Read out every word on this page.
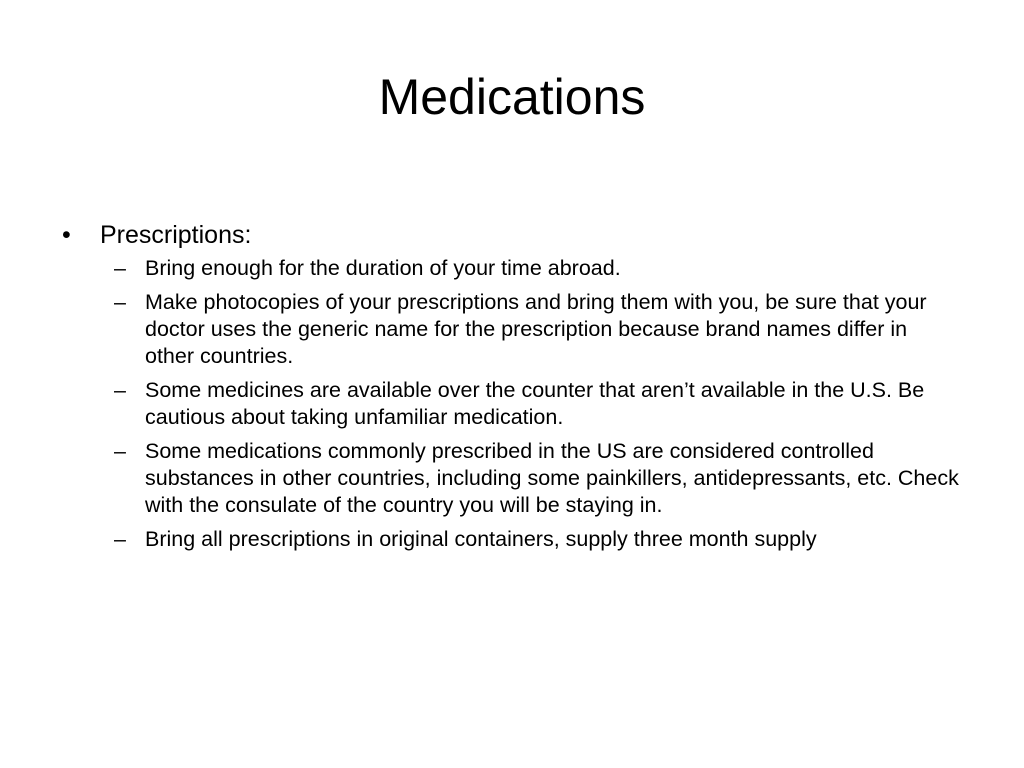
Medications
•	Prescriptions:
– Bring enough for the duration of your time abroad.
– Make photocopies of your prescriptions and bring them with you, be sure that your doctor uses the generic name for the prescription because brand names differ in other countries.
– Some medicines are available over the counter that aren’t available in the U.S. Be cautious about taking unfamiliar medication.
– Some medications commonly prescribed in the US are considered controlled substances in other countries, including some painkillers, antidepressants, etc. Check with the consulate of the country you will be staying in.
– Bring all prescriptions in original containers, supply three month supply
